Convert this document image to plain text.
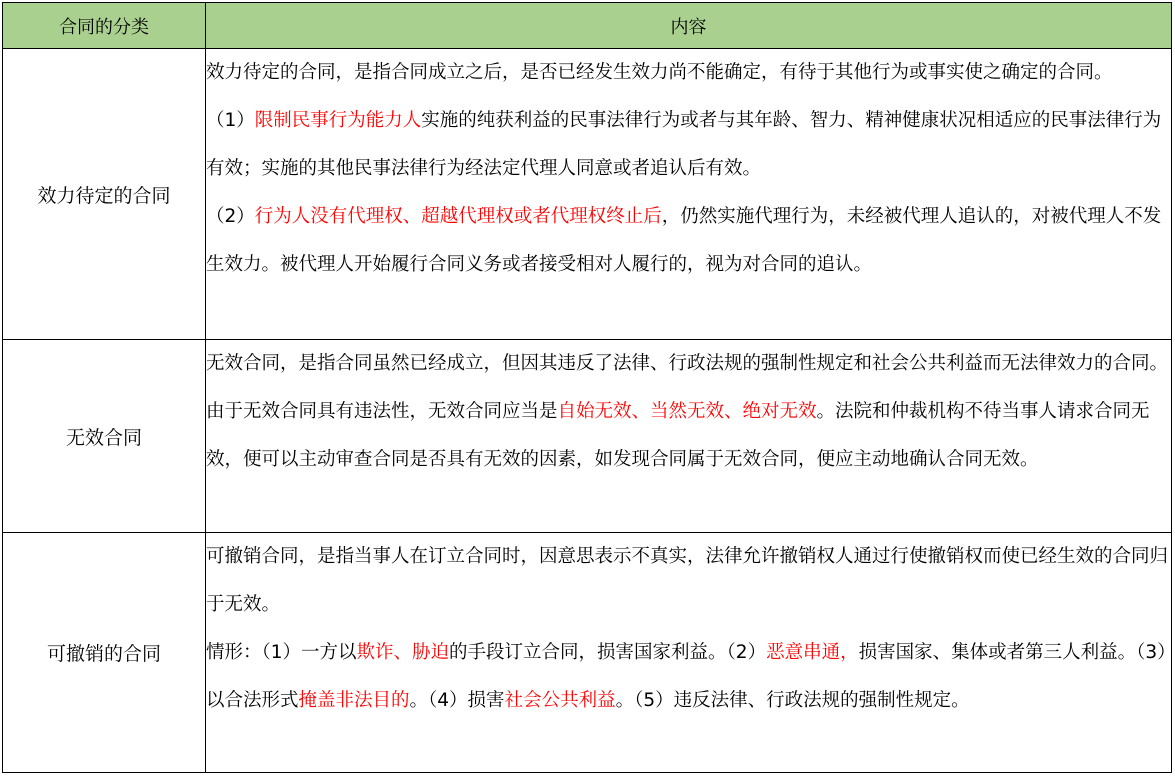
合同的分类	内容
效力待定的合同	效力待定的合同，是指合同成立之后，是否已经发生效力尚不能确定，有待于其他行为或事实使之确定的合同。

（1）限制民事行为能力人实施的纯获利益的民事法律行为或者与其年龄、智力、精神健康状况相适应的民事法律行为有效；实施的其他民事法律行为经法定代理人同意或者追认后有效。

（2）行为人没有代理权、超越代理权或者代理权终止后，仍然实施代理行为，未经被代理人追认的，对被代理人不发生效力。被代理人开始履行合同义务或者接受相对人履行的，视为对合同的追认。

无效合同	无效合同，是指合同虽然已经成立，但因其违反了法律、行政法规的强制性规定和社会公共利益而无法律效力的合同。由于无效合同具有违法性，无效合同应当是自始无效、当然无效、绝对无效。法院和仲裁机构不待当事人请求合同无效，便可以主动审查合同是否具有无效的因素，如发现合同属于无效合同，便应主动地确认合同无效。

可撤销的合同	可撤销合同，是指当事人在订立合同时，因意思表示不真实，法律允许撤销权人通过行使撤销权而使已经生效的合同归于无效。

情形：（1）一方以欺诈、胁迫的手段订立合同，损害国家利益。（2）恶意串通，损害国家、集体或者第三人利益。（3）以合法形式掩盖非法目的。（4）损害社会公共利益。（5）违反法律、行政法规的强制性规定。
